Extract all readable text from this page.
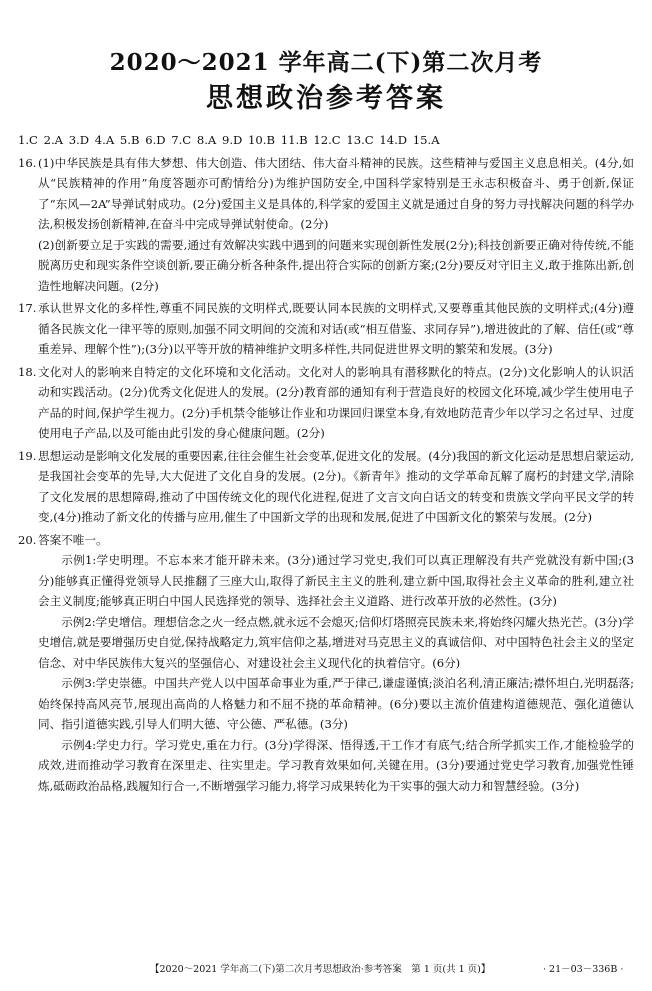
2020～2021 学年高二(下)第二次月考
思想政治参考答案
1.C 2.A 3.D 4.A 5.B 6.D 7.C 8.A 9.D 10.B 11.B 12.C 13.C 14.D 15.A
16. (1)中华民族是具有伟大梦想、伟大创造、伟大团结、伟大奋斗精神的民族。这些精神与爱国主义息息相关。(4分,如从“民族精神的作用”角度答题亦可酌情给分)为维护国防安全,中国科学家特别是王永志积极奋斗、勇于创新,保证了“东风—2A”导弹试射成功。(2分)爱国主义是具体的,科学家的爱国主义就是通过自身的努力寻找解决问题的科学办法,积极发扬创新精神,在奋斗中完成导弹试射使命。(2分)

(2)创新要立足于实践的需要,通过有效解决实践中遇到的问题来实现创新性发展(2分);科技创新要正确对待传统,不能脱离历史和现实条件空谈创新,要正确分析各种条件,提出符合实际的创新方案;(2分)要反对守旧主义,敢于推陈出新,创造性地解决问题。(2分)

17. 承认世界文化的多样性,尊重不同民族的文明样式,既要认同本民族的文明样式,又要尊重其他民族的文明样式;(4分)遵循各民族文化一律平等的原则,加强不同文明间的交流和对话(或“相互借鉴、求同存异”),增进彼此的了解、信任(或“尊重差异、理解个性”);(3分)以平等开放的精神维护文明多样性,共同促进世界文明的繁荣和发展。(3分)
18. 文化对人的影响来自特定的文化环境和文化活动。文化对人的影响具有潜移默化的特点。(2分)文化影响人的认识活动和实践活动。(2分)优秀文化促进人的发展。(2分)教育部的通知有利于营造良好的校园文化环境,减少学生使用电子产品的时间,保护学生视力。(2分)手机禁令能够让作业和功课回归课堂本身,有效地防范青少年以学习之名过早、过度使用电子产品,以及可能由此引发的身心健康问题。(2分)
19. 思想运动是影响文化发展的重要因素,往往会催生社会变革,促进文化的发展。(4分)我国的新文化运动是思想启蒙运动,是我国社会变革的先导,大大促进了文化自身的发展。(2分)。《新青年》推动的文学革命瓦解了腐朽的封建文学,清除了文化发展的思想障碍,推动了中国传统文化的现代化进程,促进了文言文向白话文的转变和贵族文学向平民文学的转变,(4分)推动了新文化的传播与应用,催生了中国新文学的出现和发展,促进了中国新文化的繁荣与发展。(2分)
20. 答案不唯一。

示例1:学史明理。不忘本来才能开辟未来。(3分)通过学习党史,我们可以真正理解没有共产党就没有新中国;(3分)能够真正懂得党领导人民推翻了三座大山,取得了新民主主义的胜利,建立新中国,取得社会主义革命的胜利,建立社会主义制度;能够真正明白中国人民选择党的领导、选择社会主义道路、进行改革开放的必然性。(3分)

示例2:学史增信。理想信念之火一经点燃,就永远不会熄灭;信仰灯塔照亮民族未来,将始终闪耀火热光芒。(3分)学史增信,就是要增强历史自觉,保持战略定力,筑牢信仰之基,增进对马克思主义的真诚信仰、对中国特色社会主义的坚定信念、对中华民族伟大复兴的坚强信心、对建设社会主义现代化的执着信守。(6分)

示例3:学史崇德。中国共产党人以中国革命事业为重,严于律己,谦虚谨慎;淡泊名利,清正廉洁;襟怀坦白,光明磊落;始终保持高风亮节,展现出高尚的人格魅力和不屈不挠的革命精神。(6分)要以主流价值建构道德规范、强化道德认同、指引道德实践,引导人们明大德、守公德、严私德。(3分)

示例4:学史力行。学习党史,重在力行。(3分)学得深、悟得透,干工作才有底气;结合所学抓实工作,才能检验学的成效,进而推动学习教育在深里走、往实里走。学习教育效果如何,关键在用。(3分)要通过党史学习教育,加强党性锤炼,砥砺政治品格,践履知行合一,不断增强学习能力,将学习成果转化为干实事的强大动力和智慧经验。(3分)

【2020～2021 学年高二(下)第二次月考思想政治·参考答案　第 1 页(共 1 页)】	· 21－03－336B ·
